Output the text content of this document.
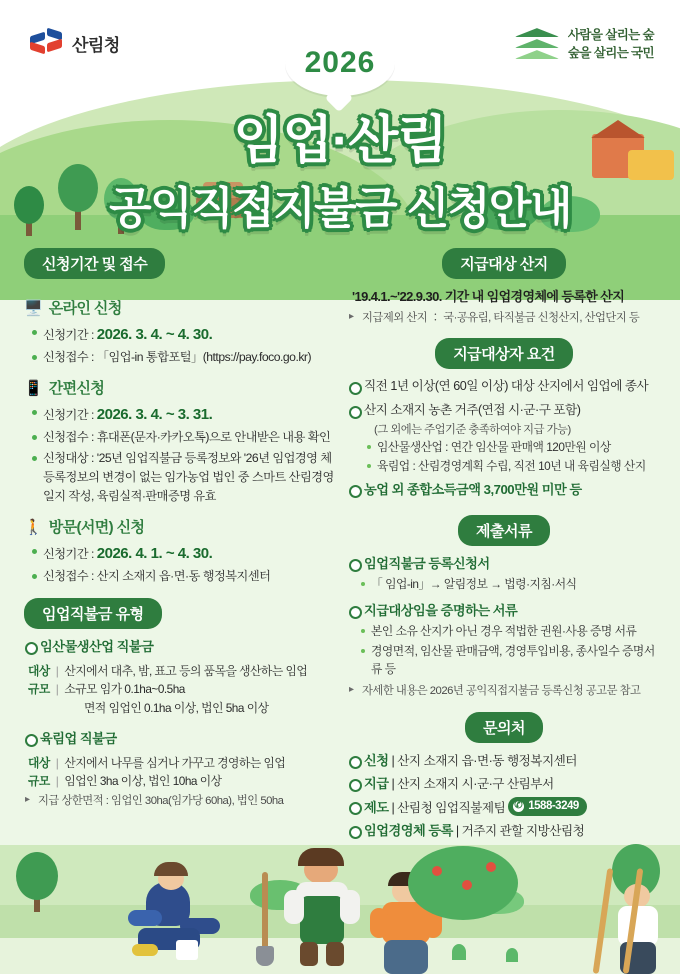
산림청
사람을 살리는 숲
숲을 살리는 국민
2026
임업·산림
공익직접지불금 신청안내
신청기간 및 접수
🖥️ 온라인 신청
신청기간 : 2026. 3. 4. ~ 4. 30.
신청접수 : 「임업-in 통합포털」(https://pay.foco.go.kr)
📱 간편신청
신청기간 : 2026. 3. 4. ~ 3. 31.
신청접수 : 휴대폰(문자·카카오톡)으로 안내받은 내용 확인
신청대상 : '25년 임업직불금 등록정보와 '26년 임업경영 체등록정보의 변경이 없는 임가농업 법인 중 스마트 산림경영일지 작성, 육림실적·판매증명 유효
🚶 방문(서면) 신청
신청기간 : 2026. 4. 1. ~ 4. 30.
신청접수 : 산지 소재지 읍·면·동 행정복지센터
임업직불금 유형
임산물생산업 직불금
대상 | 산지에서 대추, 밤, 표고 등의 품목을 생산하는 임업
규모 | 소규모 임가 0.1ha~0.5ha
면적 임업인 0.1ha 이상, 법인 5ha 이상
육림업 직불금
대상 | 산지에서 나무를 심거나 가꾸고 경영하는 임업
규모 | 임업인 3ha 이상, 법인 10ha 이상
▸ 지급 상한면적 : 임업인 30ha(임가당 60ha), 법인 50ha
지급대상 산지
'19.4.1.~'22.9.30. 기간 내 임업경영체에 등록한 산지
▸ 지급제외 산지 ： 국·공유림, 타직불금 신청산지, 산업단지 등
지급대상자 요건
직전 1년 이상(연 60일 이상) 대상 산지에서 임업에 종사
산지 소재지 농촌 거주(연접 시·군·구 포함)
(그 외에는 주업기준 충족하여야 지급 가능)
임산물생산업 : 연간 임산물 판매액 120만원 이상
육림업 : 산림경영계획 수립, 직전 10년 내 육림실행 산지
농업 외 종합소득금액 3,700만원 미만 등
제출서류
임업직불금 등록신청서
「 임업-in」→ 알림정보 → 법령·지침·서식
지급대상임을 증명하는 서류
본인 소유 산지가 아닌 경우 적법한 권원·사용 증명 서류
경영면적, 임산물 판매금액, 경영투입비용, 종사일수 증명서류 등
▸ 자세한 내용은 2026년 공익직접지불금 등록신청 공고문 참고
문의처
신청 | 산지 소재지 읍·면·동 행정복지센터
지급 | 산지 소재지 시·군·구 산림부서
제도 | 산림청 임업직불제팀 ✆ 1588-3249
임업경영체 등록 | 거주지 관할 지방산림청
